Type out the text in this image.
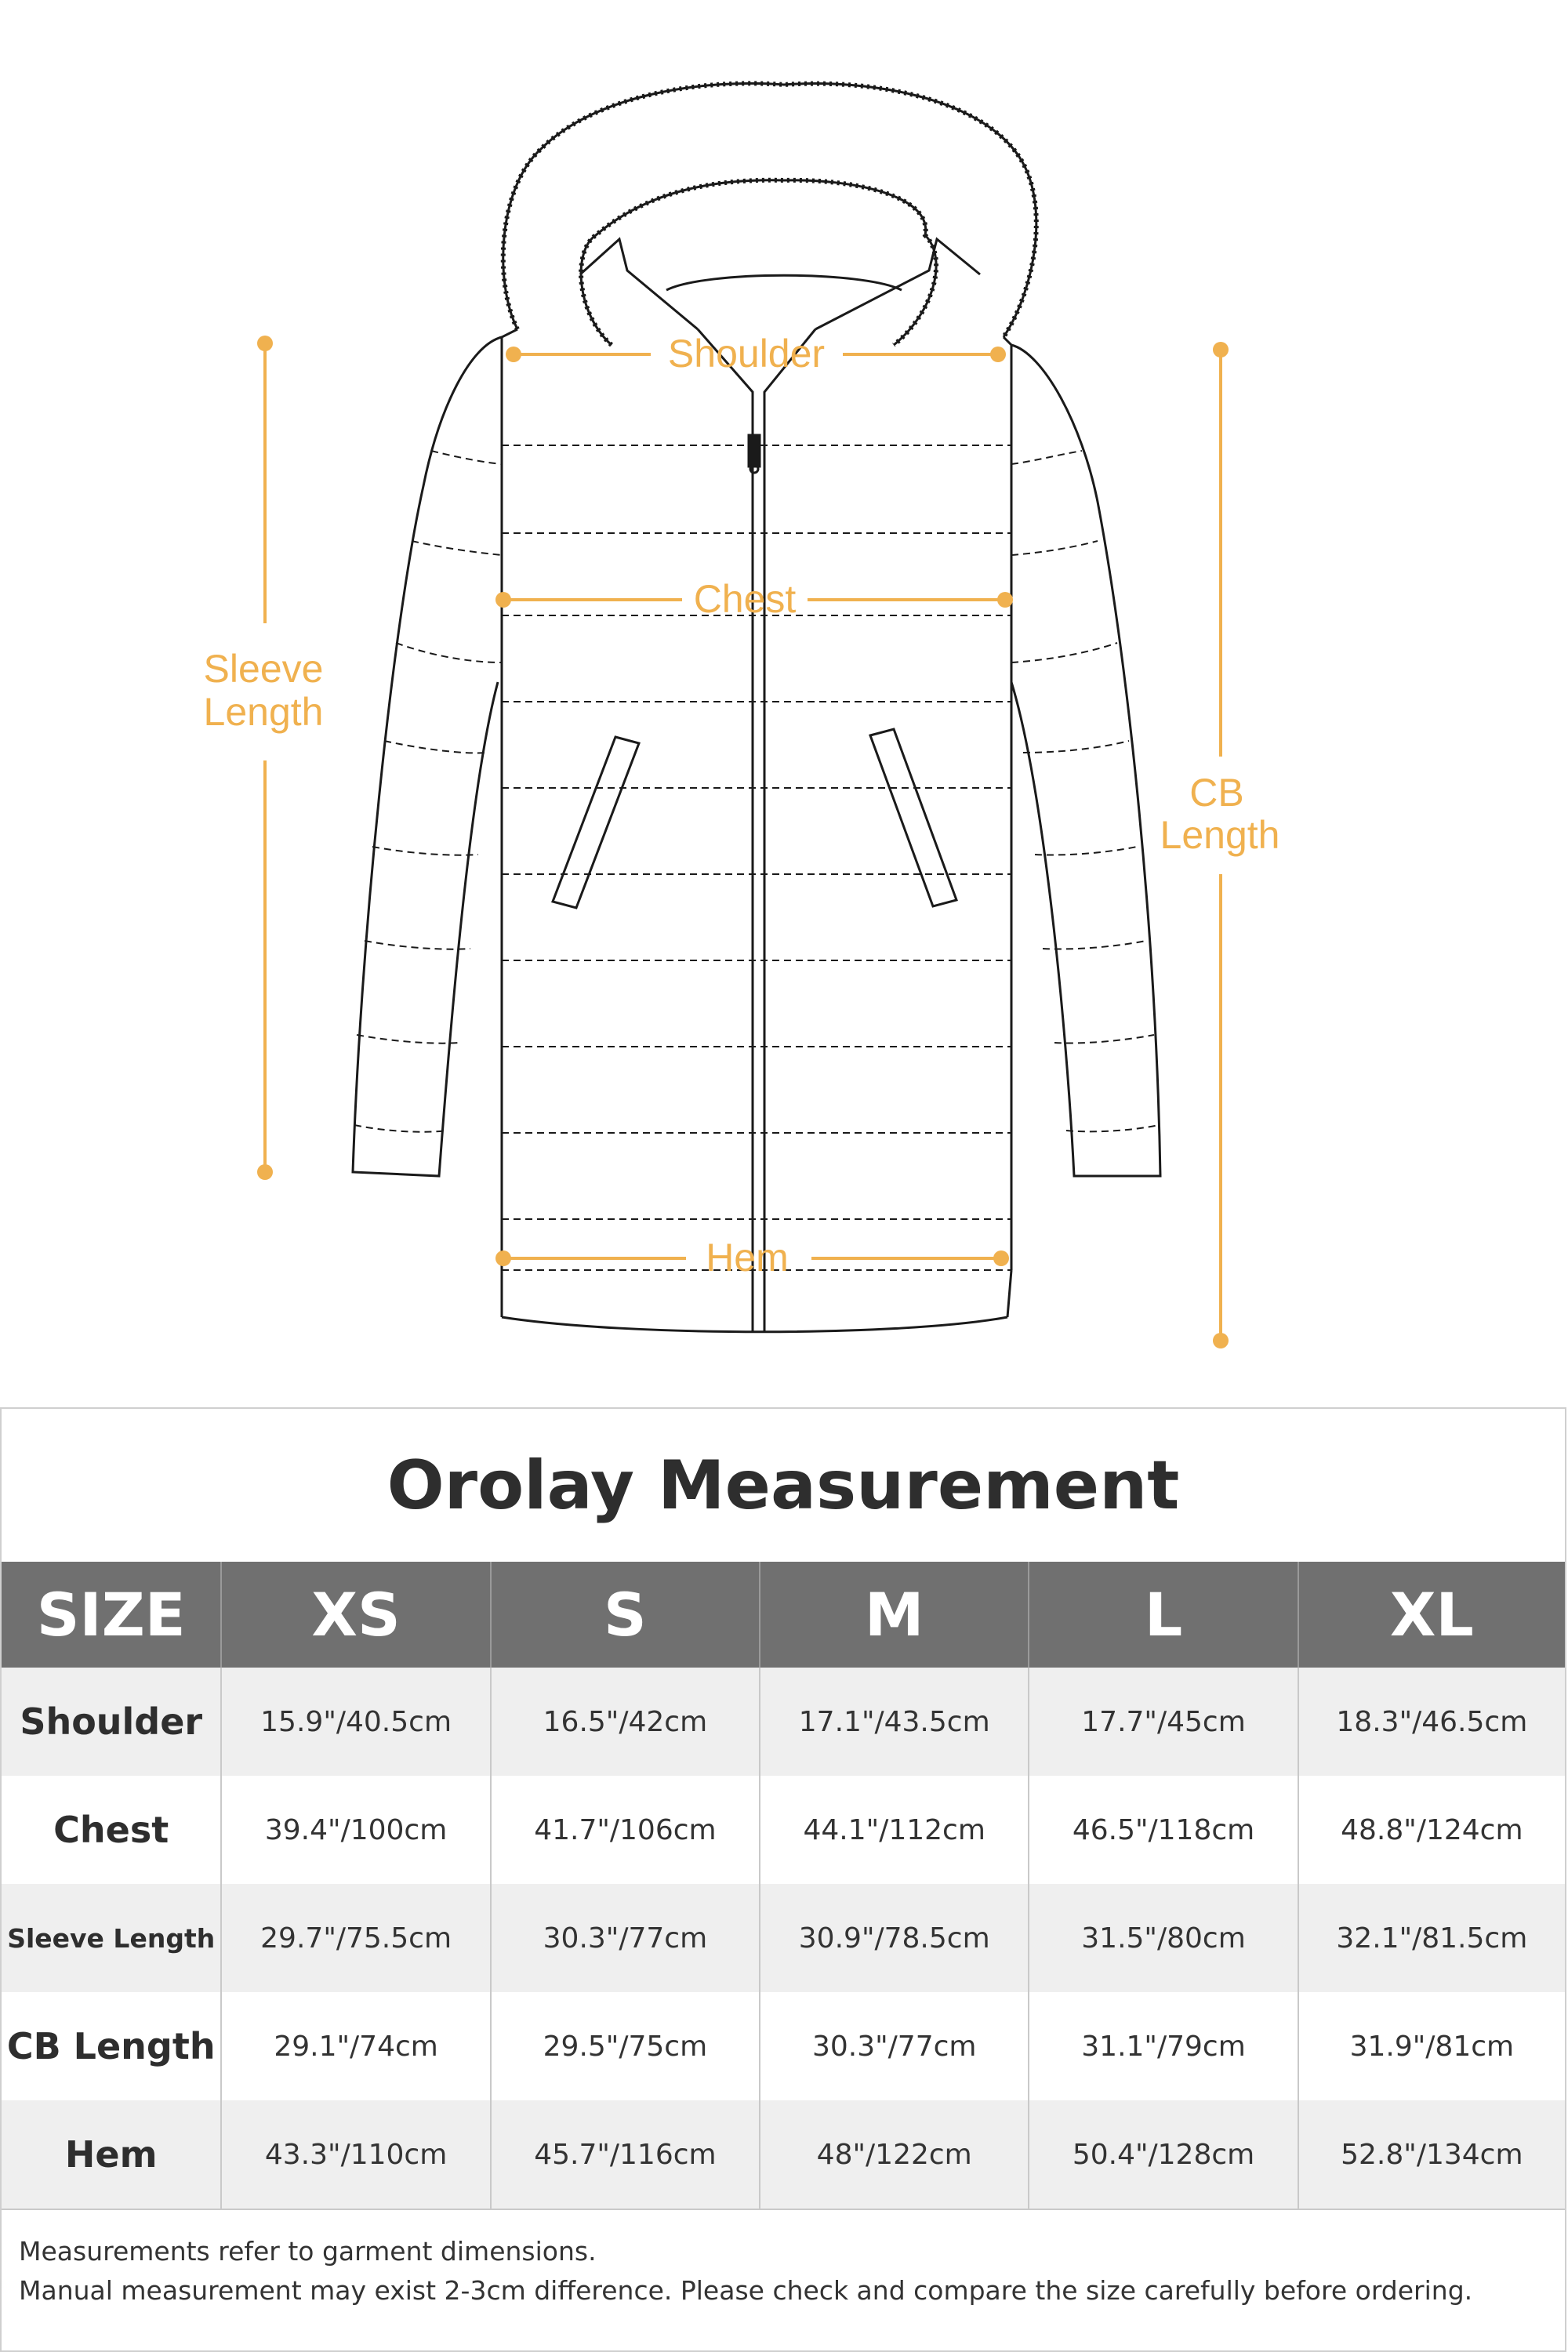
Shoulder
Chest
Hem
Sleeve
Length
CB
Length
Orolay Measurement
SIZE	XS	S	M	L	XL
Shoulder	15.9"/40.5cm	16.5"/42cm	17.1"/43.5cm	17.7"/45cm	18.3"/46.5cm
Chest	39.4"/100cm	41.7"/106cm	44.1"/112cm	46.5"/118cm	48.8"/124cm
Sleeve Length	29.7"/75.5cm	30.3"/77cm	30.9"/78.5cm	31.5"/80cm	32.1"/81.5cm
CB Length	29.1"/74cm	29.5"/75cm	30.3"/77cm	31.1"/79cm	31.9"/81cm
Hem	43.3"/110cm	45.7"/116cm	48"/122cm	50.4"/128cm	52.8"/134cm
Measurements refer to garment dimensions.
Manual measurement may exist 2-3cm difference. Please check and compare the size carefully before ordering.
